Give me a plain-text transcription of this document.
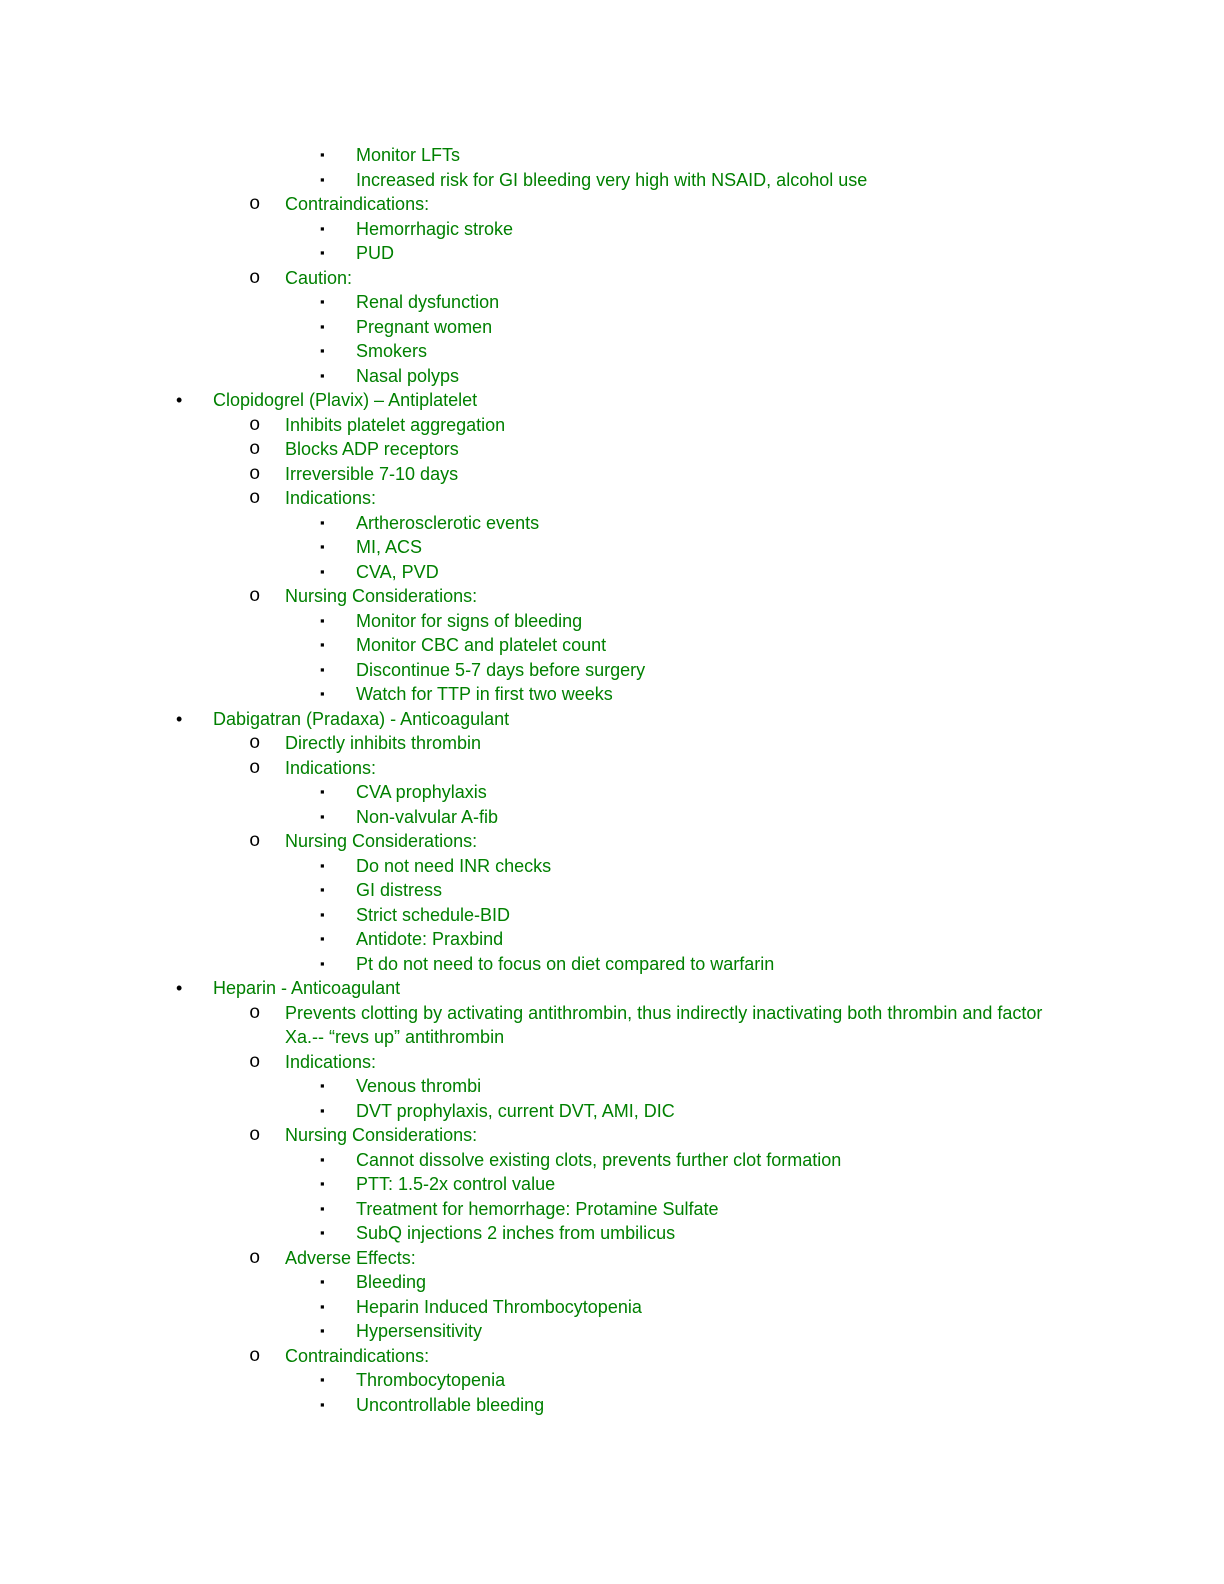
▪ Monitor LFTs
▪ Increased risk for GI bleeding very high with NSAID, alcohol use
o Contraindications:
▪ Hemorrhagic stroke
▪ PUD
o Caution:
▪ Renal dysfunction
▪ Pregnant women
▪ Smokers
▪ Nasal polyps
• Clopidogrel (Plavix) – Antiplatelet
o Inhibits platelet aggregation
o Blocks ADP receptors
o Irreversible 7-10 days
o Indications:
▪ Artherosclerotic events
▪ MI, ACS
▪ CVA, PVD
o Nursing Considerations:
▪ Monitor for signs of bleeding
▪ Monitor CBC and platelet count
▪ Discontinue 5-7 days before surgery
▪ Watch for TTP in first two weeks
• Dabigatran (Pradaxa) - Anticoagulant
o Directly inhibits thrombin
o Indications:
▪ CVA prophylaxis
▪ Non-valvular A-fib
o Nursing Considerations:
▪ Do not need INR checks
▪ GI distress
▪ Strict schedule-BID
▪ Antidote: Praxbind
▪ Pt do not need to focus on diet compared to warfarin
• Heparin - Anticoagulant
o Prevents clotting by activating antithrombin, thus indirectly inactivating both thrombin and factor
Xa.-- “revs up” antithrombin
o Indications:
▪ Venous thrombi
▪ DVT prophylaxis, current DVT, AMI, DIC
o Nursing Considerations:
▪ Cannot dissolve existing clots, prevents further clot formation
▪ PTT: 1.5-2x control value
▪ Treatment for hemorrhage: Protamine Sulfate
▪ SubQ injections 2 inches from umbilicus
o Adverse Effects:
▪ Bleeding
▪ Heparin Induced Thrombocytopenia
▪ Hypersensitivity
o Contraindications:
▪ Thrombocytopenia
▪ Uncontrollable bleeding
